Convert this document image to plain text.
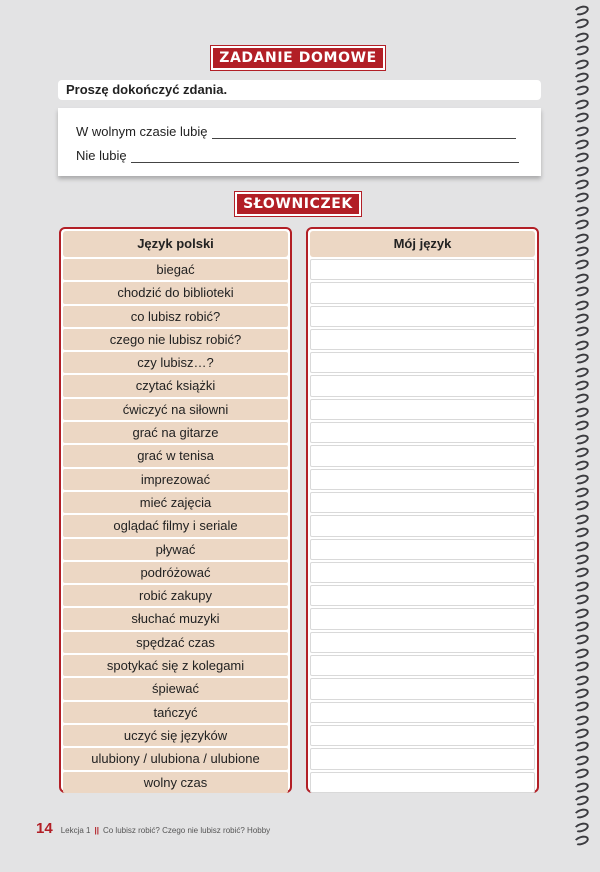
ZADANIE DOMOWE
Proszę dokończyć zdania.
W wolnym czasie lubię
Nie lubię
SŁOWNICZEK
Język polski
biegać
chodzić do biblioteki
co lubisz robić?
czego nie lubisz robić?
czy lubisz…?
czytać książki
ćwiczyć na siłowni
grać na gitarze
grać w tenisa
imprezować
mieć zajęcia
oglądać filmy i seriale
pływać
podróżować
robić zakupy
słuchać muzyki
spędzać czas
spotykać się z kolegami
śpiewać
tańczyć
uczyć się języków
ulubiony / ulubiona / ulubione
wolny czas
Mój język
14 Lekcja 1 || Co lubisz robić? Czego nie lubisz robić? Hobby
